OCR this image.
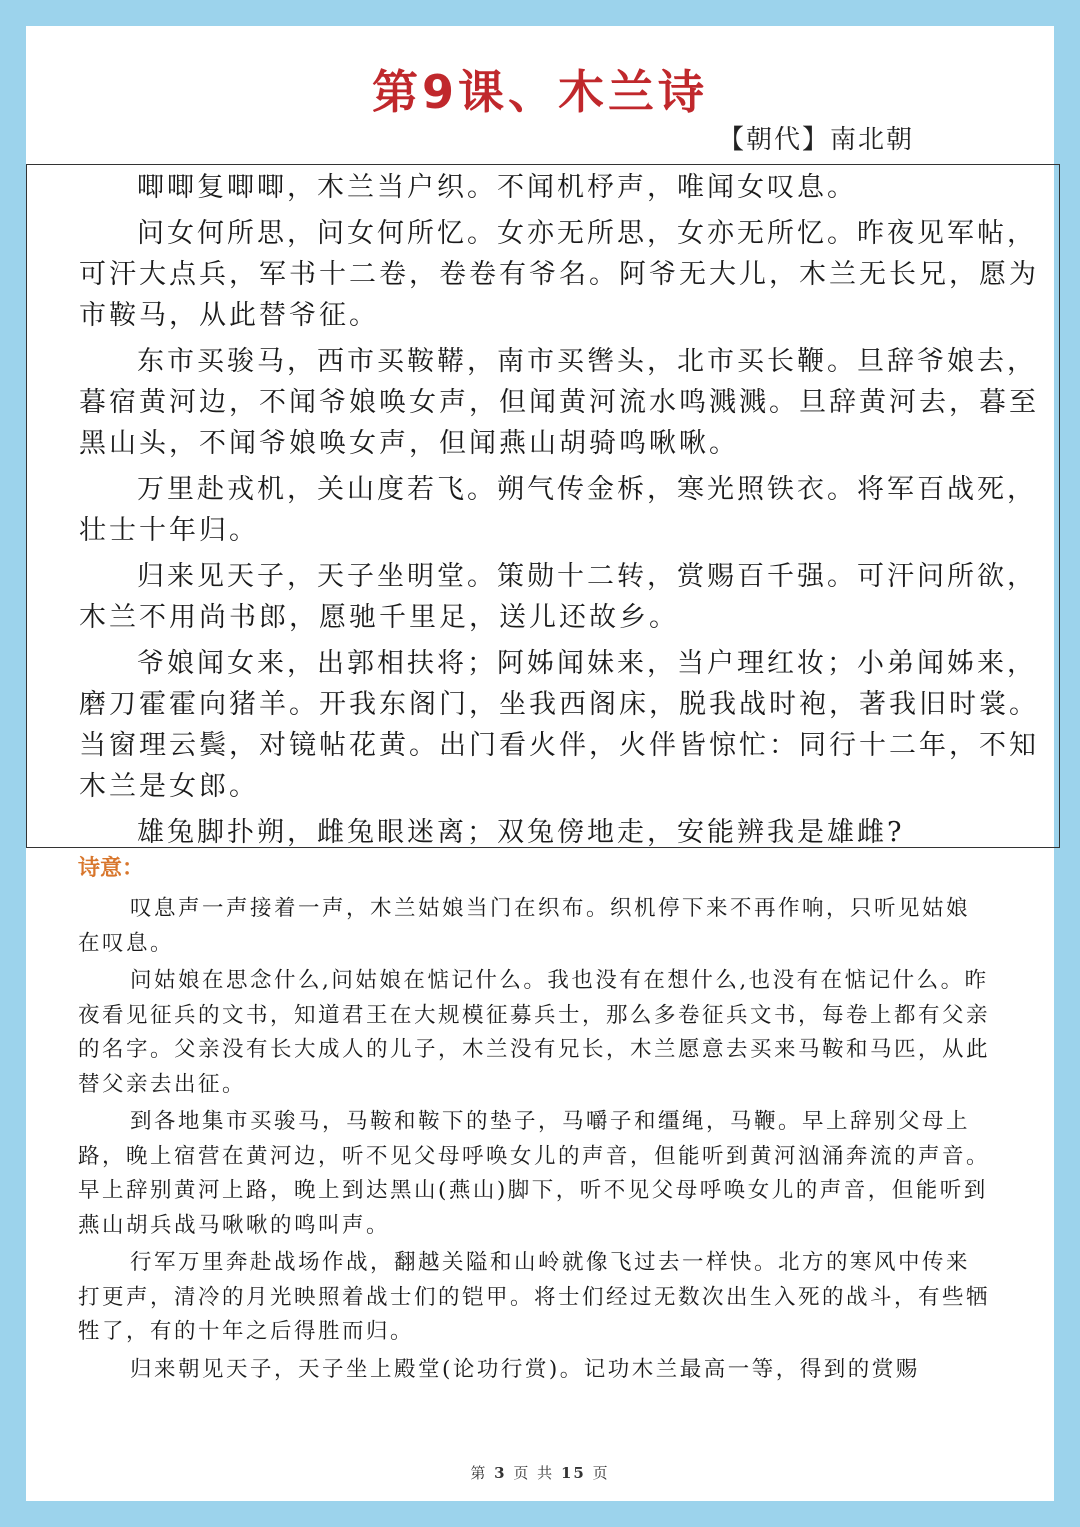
第9课、木兰诗
【朝代】南北朝

唧唧复唧唧，木兰当户织。不闻机杼声，唯闻女叹息。

问女何所思，问女何所忆。女亦无所思，女亦无所忆。昨夜见军帖，可汗大点兵，军书十二卷，卷卷有爷名。阿爷无大儿，木兰无长兄，愿为市鞍马，从此替爷征。

东市买骏马，西市买鞍鞯，南市买辔头，北市买长鞭。旦辞爷娘去，暮宿黄河边，不闻爷娘唤女声，但闻黄河流水鸣溅溅。旦辞黄河去，暮至黑山头，不闻爷娘唤女声，但闻燕山胡骑鸣啾啾。

万里赴戎机，关山度若飞。朔气传金柝，寒光照铁衣。将军百战死，壮士十年归。

归来见天子，天子坐明堂。策勋十二转，赏赐百千强。可汗问所欲，木兰不用尚书郎，愿驰千里足，送儿还故乡。

爷娘闻女来，出郭相扶将；阿姊闻妹来，当户理红妆；小弟闻姊来，磨刀霍霍向猪羊。开我东阁门，坐我西阁床，脱我战时袍，著我旧时裳。当窗理云鬓，对镜帖花黄。出门看火伴，火伴皆惊忙：同行十二年，不知木兰是女郎。

雄兔脚扑朔，雌兔眼迷离；双兔傍地走，安能辨我是雄雌?

诗意：

叹息声一声接着一声，木兰姑娘当门在织布。织机停下来不再作响，只听见姑娘在叹息。

问姑娘在思念什么,问姑娘在惦记什么。我也没有在想什么,也没有在惦记什么。昨夜看见征兵的文书，知道君王在大规模征募兵士，那么多卷征兵文书，每卷上都有父亲的名字。父亲没有长大成人的儿子，木兰没有兄长，木兰愿意去买来马鞍和马匹，从此替父亲去出征。

到各地集市买骏马，马鞍和鞍下的垫子，马嚼子和缰绳，马鞭。早上辞别父母上路，晚上宿营在黄河边，听不见父母呼唤女儿的声音，但能听到黄河汹涌奔流的声音。早上辞别黄河上路，晚上到达黑山(燕山)脚下，听不见父母呼唤女儿的声音，但能听到燕山胡兵战马啾啾的鸣叫声。

行军万里奔赴战场作战，翻越关隘和山岭就像飞过去一样快。北方的寒风中传来打更声，清冷的月光映照着战士们的铠甲。将士们经过无数次出生入死的战斗，有些牺牲了，有的十年之后得胜而归。

归来朝见天子，天子坐上殿堂(论功行赏)。记功木兰最高一等，得到的赏赐

第 3 页 共 15 页
